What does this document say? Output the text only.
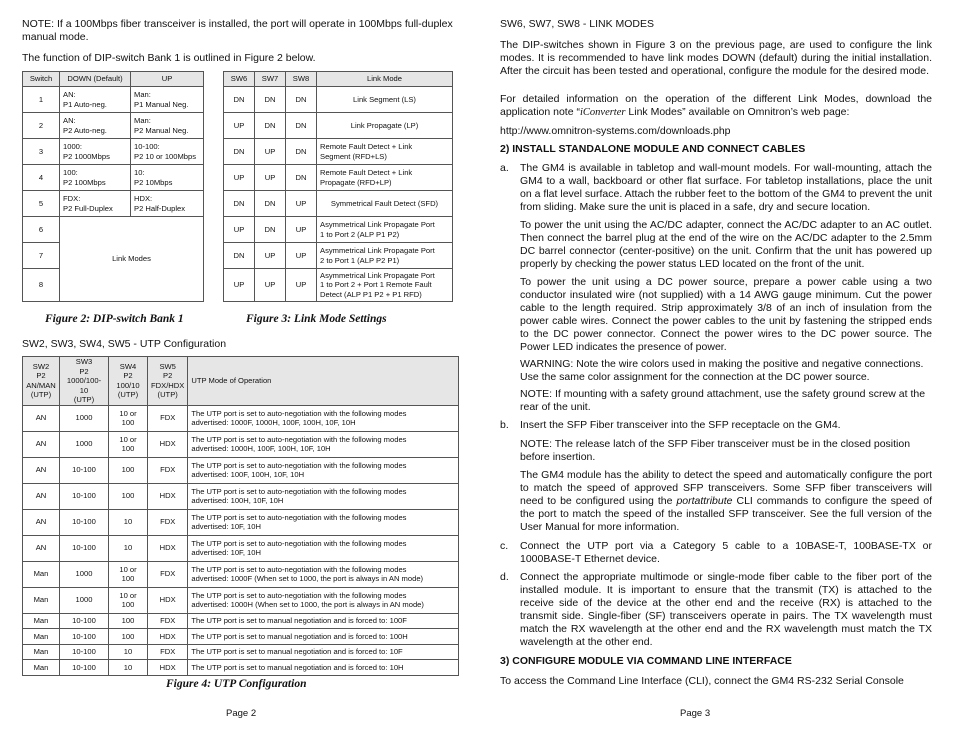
NOTE: If a 100Mbps fiber transceiver is installed, the port will operate in 100Mbps full-duplex manual mode.

The function of DIP-switch Bank 1 is outlined in Figure 2 below.

Switch	DOWN (Default)	UP
1	AN:
P1 Auto-neg.	Man:
P1 Manual Neg.
2	AN:
P2 Auto-neg.	Man:
P2 Manual Neg.
3	1000:
P2 1000Mbps	10-100:
P2 10 or 100Mbps
4	100:
P2 100Mbps	10:
P2 10Mbps
5	FDX:
P2 Full-Duplex	HDX:
P2 Half-Duplex
6	Link Modes	
7		
8		
SW6	SW7	SW8	Link Mode
DN	DN	DN	Link Segment (LS)
UP	DN	DN	Link Propagate (LP)
DN	UP	DN	Remote Fault Detect + Link
Segment (RFD+LS)
UP	UP	DN	Remote Fault Detect + Link
Propagate (RFD+LP)
DN	DN	UP	Symmetrical Fault Detect (SFD)
UP	DN	UP	Asymmetrical Link Propagate Port
1 to Port 2 (ALP P1 P2)
DN	UP	UP	Asymmetrical Link Propagate Port
2 to Port 1 (ALP P2 P1)
UP	UP	UP	Asymmetrical Link Propagate Port
1 to Port 2 + Port 1 Remote Fault
Detect (ALP P1 P2 + P1 RFD)
Figure 2: DIP-switch Bank 1	Figure 3: Link Mode Settings

SW2, SW3, SW4, SW5 - UTP Configuration

SW2
P2
AN/MAN
(UTP)	SW3
P2
1000/100-10
(UTP)	SW4
P2
100/10
(UTP)	SW5
P2
FDX/HDX
(UTP)	UTP Mode of Operation
AN	1000	10 or 100	FDX	The UTP port is set to auto-negotiation with the following modes
advertised: 1000F, 1000H, 100F, 100H, 10F, 10H
AN	1000	10 or 100	HDX	The UTP port is set to auto-negotiation with the following modes
advertised: 1000H, 100F, 100H, 10F, 10H
AN	10-100	100	FDX	The UTP port is set to auto-negotiation with the following modes
advertised: 100F, 100H, 10F, 10H
AN	10-100	100	HDX	The UTP port is set to auto-negotiation with the following modes
advertised: 100H, 10F, 10H
AN	10-100	10	FDX	The UTP port is set to auto-negotiation with the following modes
advertised: 10F, 10H
AN	10-100	10	HDX	The UTP port is set to auto-negotiation with the following modes
advertised: 10F, 10H
Man	1000	10 or 100	FDX	The UTP port is set to auto-negotiation with the following modes
advertised: 1000F (When set to 1000, the port is always in AN mode)
Man	1000	10 or 100	HDX	The UTP port is set to auto-negotiation with the following modes
advertised: 1000H (When set to 1000, the port is always in AN mode)
Man	10-100	100	FDX	The UTP port is set to manual negotiation and is forced to: 100F
Man	10-100	100	HDX	The UTP port is set to manual negotiation and is forced to: 100H
Man	10-100	10	FDX	The UTP port is set to manual negotiation and is forced to: 10F
Man	10-100	10	HDX	The UTP port is set to manual negotiation and is forced to: 10H
Figure 4: UTP Configuration
Page 2

SW6, SW7, SW8 - LINK MODES

The DIP-switches shown in Figure 3 on the previous page, are used to configure the link modes. It is recommended to have link modes DOWN (default) during the initial installation. After the circuit has been tested and operational, configure the module for the desired mode.

For detailed information on the operation of the different Link Modes, download the application note “iConverter Link Modes” available on Omnitron’s web page:

http://www.omnitron-systems.com/downloads.php

2) INSTALL STANDALONE MODULE AND CONNECT CABLES

a. The GM4 is available in tabletop and wall-mount models. For wall-mounting, attach the GM4 to a wall, backboard or other flat surface. For tabletop installations, place the unit on a flat level surface. Attach the rubber feet to the bottom of the GM4 to prevent the unit from sliding. Make sure the unit is placed in a safe, dry and secure location.

To power the unit using the AC/DC adapter, connect the AC/DC adapter to an AC outlet. Then connect the barrel plug at the end of the wire on the AC/DC adapter to the 2.5mm DC barrel connector (center-positive) on the unit. Confirm that the unit has powered up properly by checking the power status LED located on the front of the unit.

To power the unit using a DC power source, prepare a power cable using a two conductor insulated wire (not supplied) with a 14 AWG gauge minimum. Cut the power cable to the length required. Strip approximately 3/8 of an inch of insulation from the power cable wires. Connect the power cables to the unit by fastening the stripped ends to the DC power connector. Connect the power wires to the DC power source. The Power LED indicates the presence of power.

WARNING: Note the wire colors used in making the positive and negative connections. Use the same color assignment for the connection at the DC power source.

NOTE: If mounting with a safety ground attachment, use the safety ground screw at the rear of the unit.

b. Insert the SFP Fiber transceiver into the SFP receptacle on the GM4.

NOTE: The release latch of the SFP Fiber transceiver must be in the closed position before insertion.

The GM4 module has the ability to detect the speed and automatically configure the port to match the speed of approved SFP transceivers. Some SFP fiber transceivers will need to be configured using the portattribute CLI commands to configure the speed of the port to match the speed of the installed SFP transceiver. See the full version of the User Manual for more information.

c. Connect the UTP port via a Category 5 cable to a 10BASE-T, 100BASE-TX or 1000BASE-T Ethernet device.

d. Connect the appropriate multimode or single-mode fiber cable to the fiber port of the installed module. It is important to ensure that the transmit (TX) is attached to the receive side of the device at the other end and the receive (RX) is attached to the transmit side. Single-fiber (SF) transceivers operate in pairs. The TX wavelength must match the RX wavelength at the other end and the RX wavelength must match the TX wavelength at the other end.

3) CONFIGURE MODULE VIA COMMAND LINE INTERFACE

To access the Command Line Interface (CLI), connect the GM4 RS-232 Serial Console

Page 3
